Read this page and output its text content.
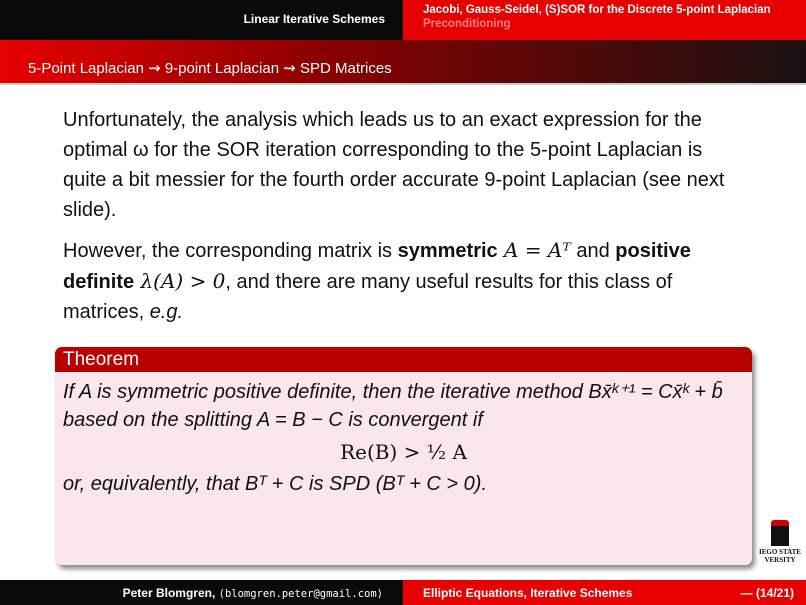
Linear Iterative Schemes
Jacobi, Gauss-Seidel, (S)SOR for the Discrete 5-point Laplacian
Preconditioning
5-Point Laplacian ⇝ 9-point Laplacian ⇝ SPD Matrices

Unfortunately, the analysis which leads us to an exact expression for the optimal ω for the SOR iteration corresponding to the 5-point Laplacian is quite a bit messier for the fourth order accurate 9-point Laplacian (see next slide).

However, the corresponding matrix is symmetric A = Aᵀ and positive definite λ(A) > 0, and there are many useful results for this class of matrices, e.g.

Theorem
If A is symmetric positive definite, then the iterative method Bx̄ᵏ⁺¹ = Cx̄ᵏ + b̄ based on the splitting A = B − C is convergent if
Re(B) > ½ A
or, equivalently, that Bᵀ + C is SPD (Bᵀ + C > 0).
IEGO STATE
VERSITY
Peter Blomgren, ⟨blomgren.peter@gmail.com⟩	Elliptic Equations, Iterative Schemes	— (14/21)
